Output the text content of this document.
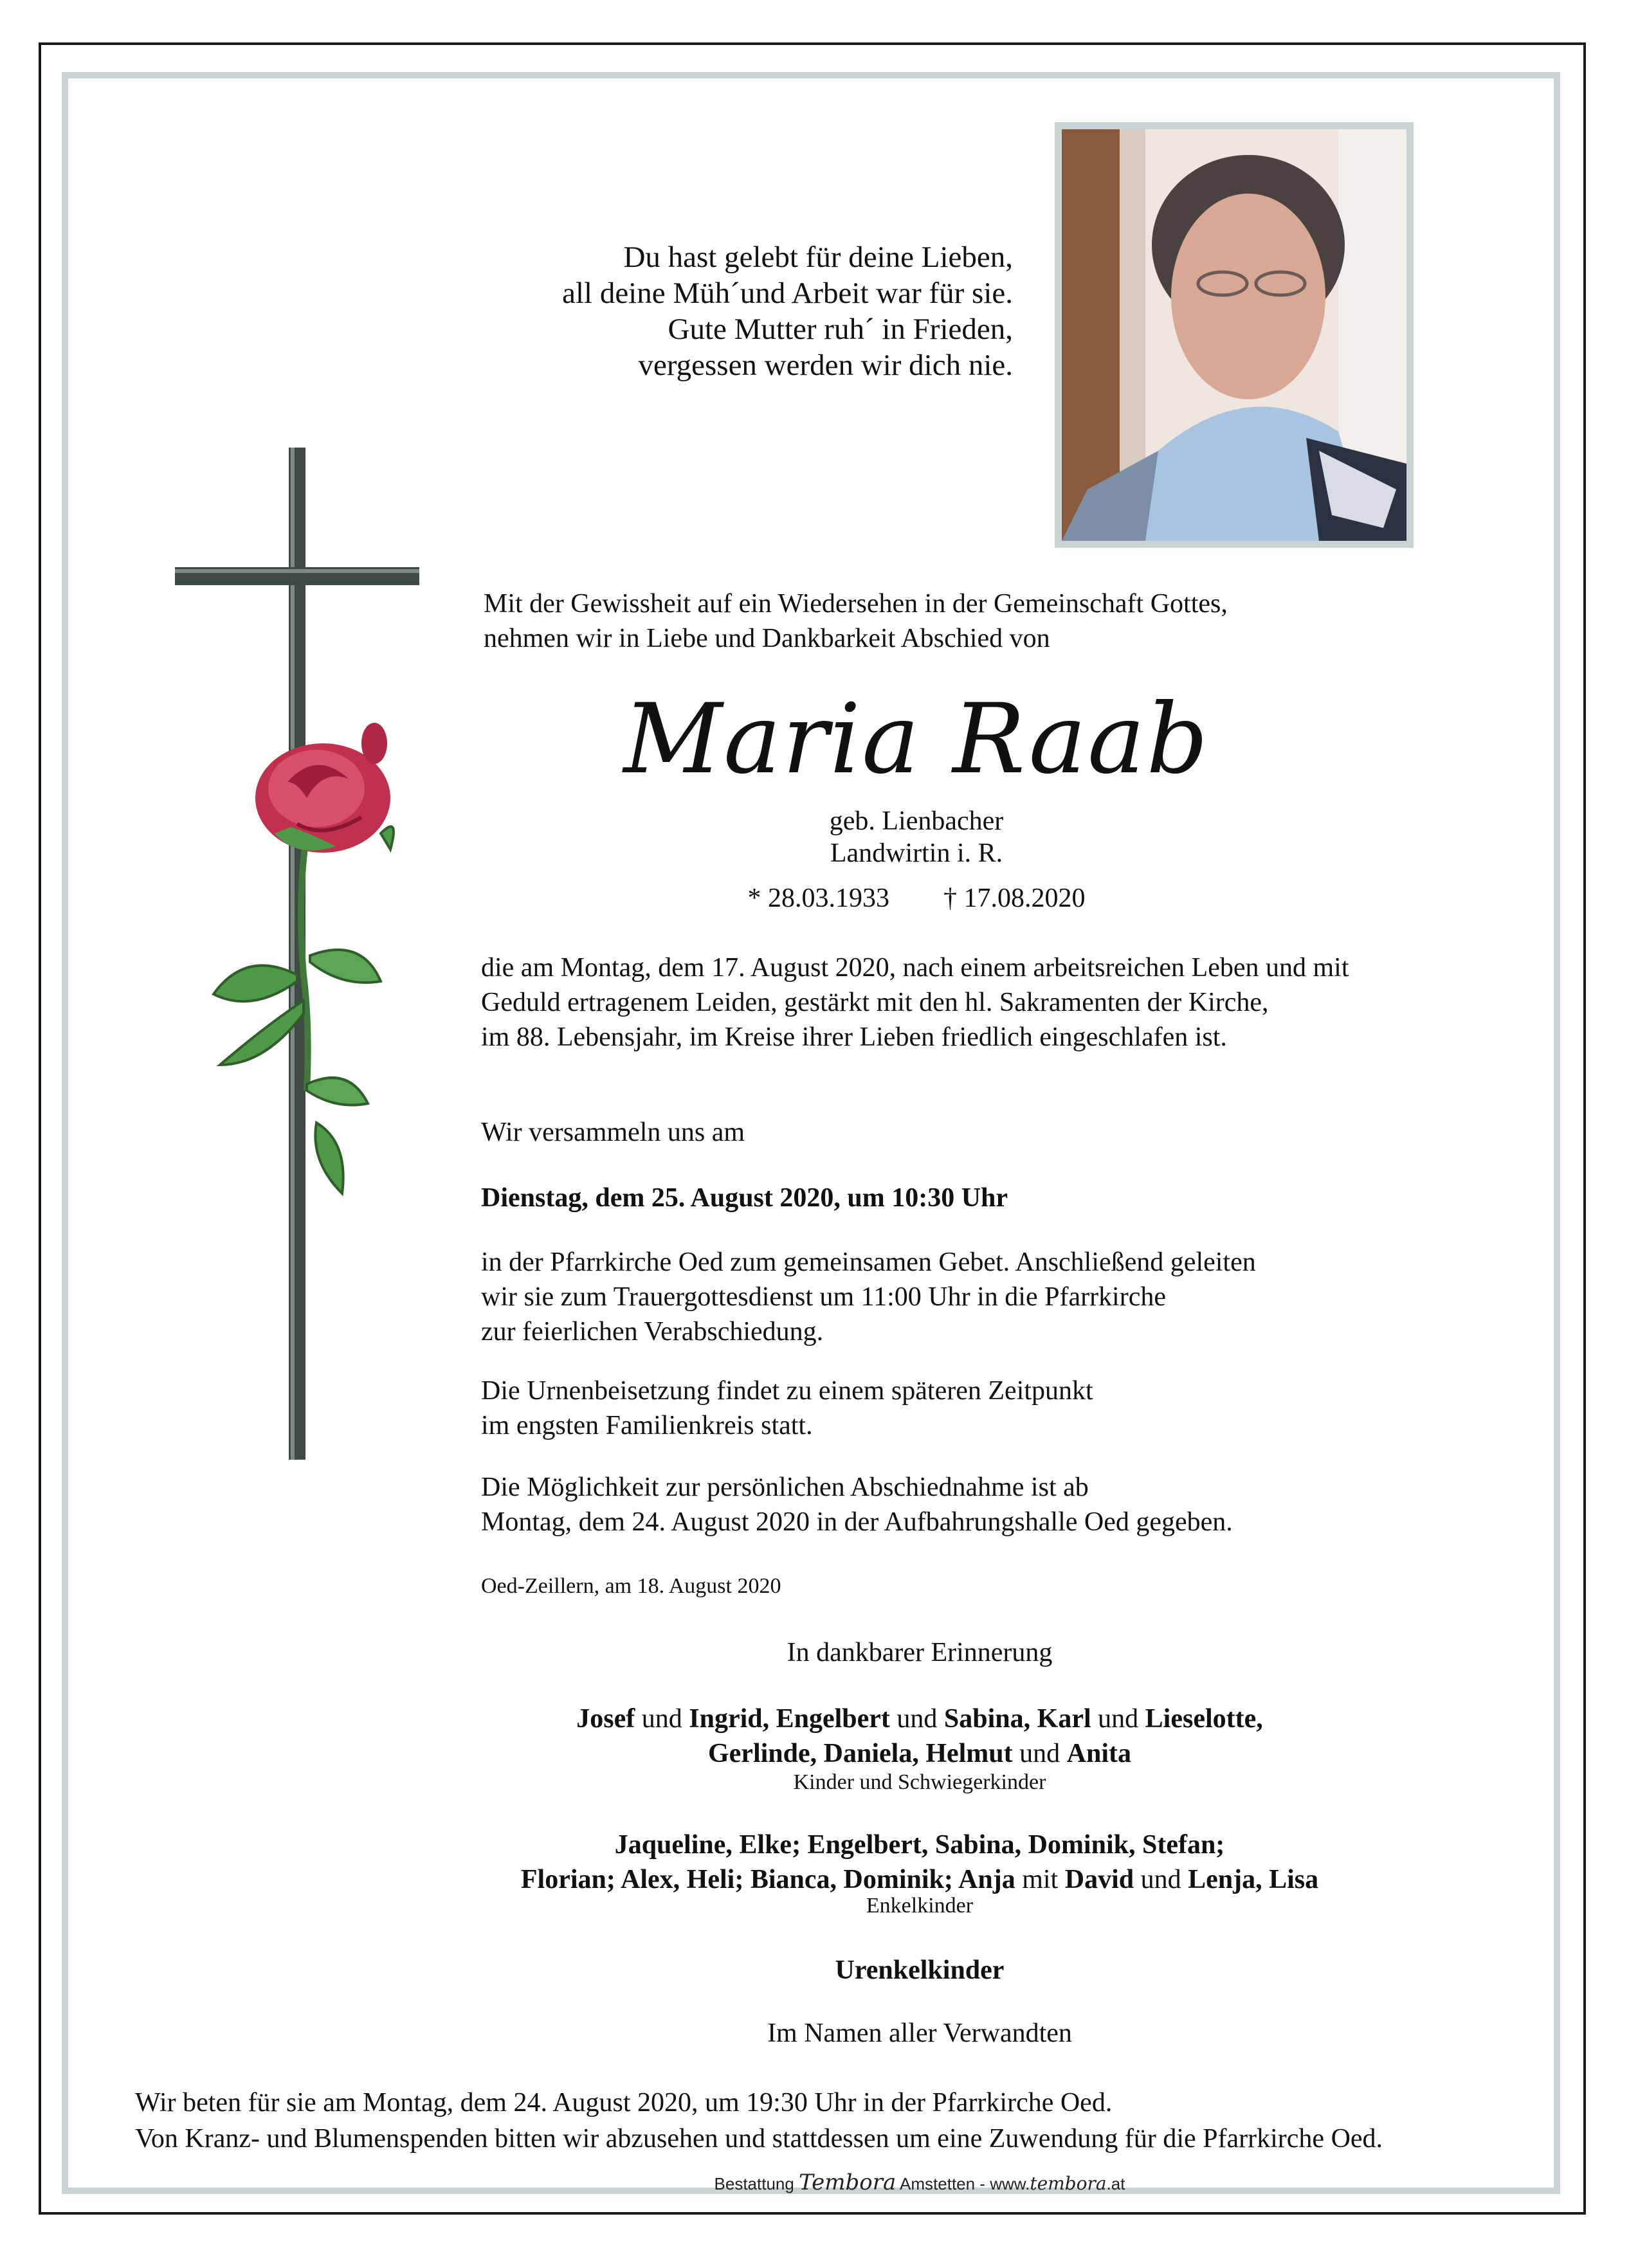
Du hast gelebt für deine Lieben,
all deine Müh´und Arbeit war für sie.
Gute Mutter ruh´ in Frieden,
vergessen werden wir dich nie.
Mit der Gewissheit auf ein Wiedersehen in der Gemeinschaft Gottes,
nehmen wir in Liebe und Dankbarkeit Abschied von
Maria Raab
geb. Lienbacher
Landwirtin i. R.
* 28.03.1933 † 17.08.2020
die am Montag, dem 17. August 2020, nach einem arbeitsreichen Leben und mit
Geduld ertragenem Leiden, gestärkt mit den hl. Sakramenten der Kirche,
im 88. Lebensjahr, im Kreise ihrer Lieben friedlich eingeschlafen ist.
Wir versammeln uns am
Dienstag, dem 25. August 2020, um 10:30 Uhr
in der Pfarrkirche Oed zum gemeinsamen Gebet. Anschließend geleiten
wir sie zum Trauergottesdienst um 11:00 Uhr in die Pfarrkirche
zur feierlichen Verabschiedung.
Die Urnenbeisetzung findet zu einem späteren Zeitpunkt
im engsten Familienkreis statt.
Die Möglichkeit zur persönlichen Abschiednahme ist ab
Montag, dem 24. August 2020 in der Aufbahrungshalle Oed gegeben.
Oed-Zeillern, am 18. August 2020
In dankbarer Erinnerung
Josef und Ingrid, Engelbert und Sabina, Karl und Lieselotte,
Gerlinde, Daniela, Helmut und Anita
Kinder und Schwiegerkinder
Jaqueline, Elke; Engelbert, Sabina, Dominik, Stefan;
Florian; Alex, Heli; Bianca, Dominik; Anja mit David und Lenja, Lisa
Enkelkinder
Urenkelkinder
Im Namen aller Verwandten
Wir beten für sie am Montag, dem 24. August 2020, um 19:30 Uhr in der Pfarrkirche Oed.
Von Kranz- und Blumenspenden bitten wir abzusehen und stattdessen um eine Zuwendung für die Pfarrkirche Oed.
Bestattung Tembora Amstetten - www.tembora.at
